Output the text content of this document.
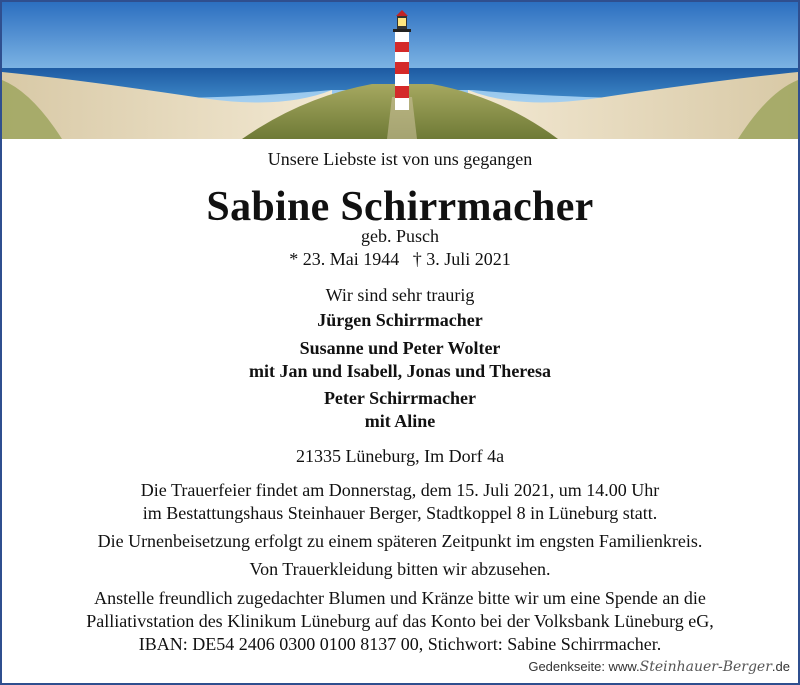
Unsere Liebste ist von uns gegangen
Sabine Schirrmacher
geb. Pusch
* 23. Mai 1944   † 3. Juli 2021
Wir sind sehr traurig
Jürgen Schirrmacher
Susanne und Peter Wolter
mit Jan und Isabell, Jonas und Theresa
Peter Schirrmacher
mit Aline
21335 Lüneburg, Im Dorf 4a
Die Trauerfeier findet am Donnerstag, dem 15. Juli 2021, um 14.00 Uhr
im Bestattungshaus Steinhauer Berger, Stadtkoppel 8 in Lüneburg statt.
Die Urnenbeisetzung erfolgt zu einem späteren Zeitpunkt im engsten Familienkreis.
Von Trauerkleidung bitten wir abzusehen.
Anstelle freundlich zugedachter Blumen und Kränze bitte wir um eine Spende an die
Palliativstation des Klinikum Lüneburg auf das Konto bei der Volksbank Lüneburg eG,
IBAN: DE54 2406 0300 0100 8137 00, Stichwort: Sabine Schirrmacher.
Gedenkseite: www.Steinhauer-Berger.de
